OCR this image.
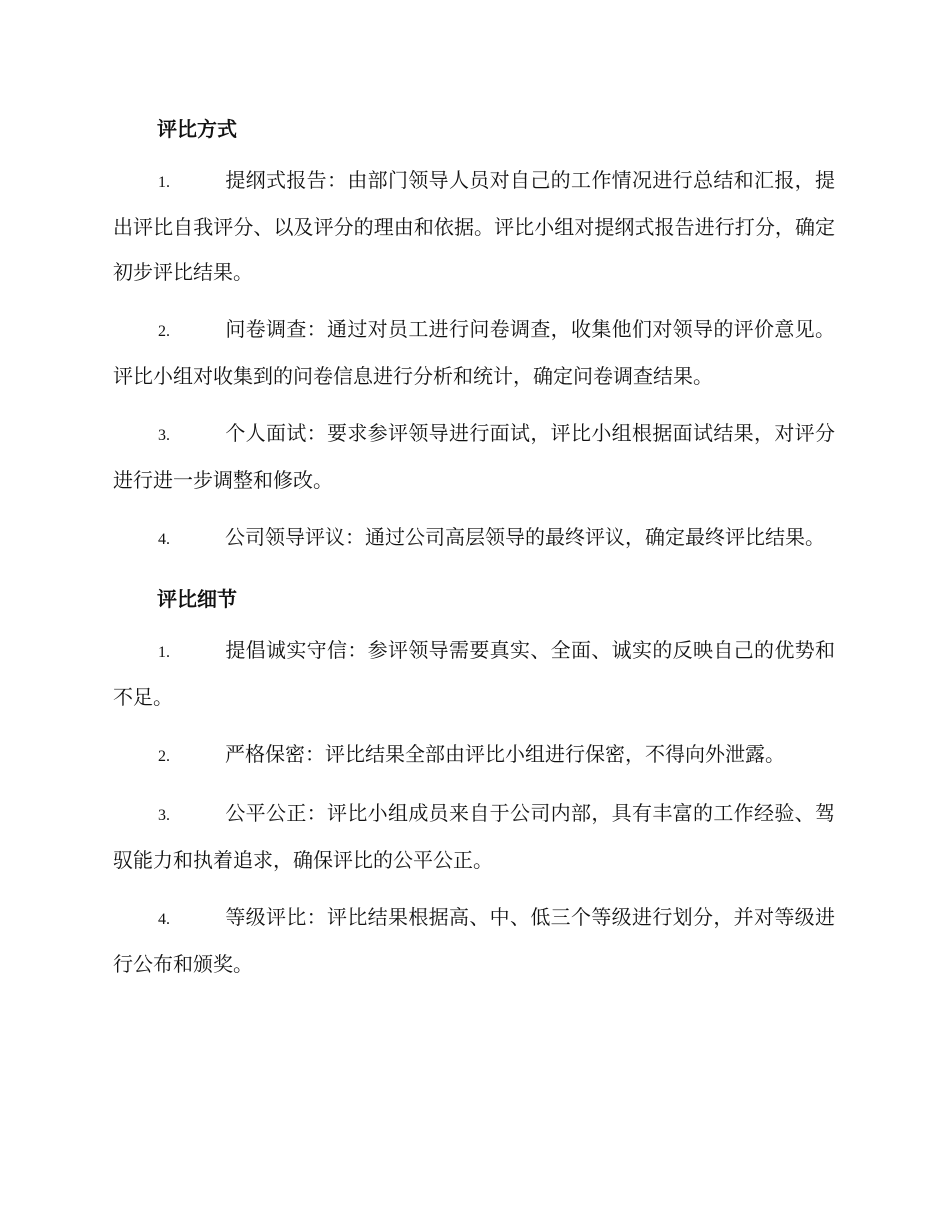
评比方式
1.	提纲式报告：由部门领导人员对自己的工作情况进行总结和汇报，提出评比自我评分、以及评分的理由和依据。评比小组对提纲式报告进行打分，确定初步评比结果。
2.	问卷调查：通过对员工进行问卷调查，收集他们对领导的评价意见。评比小组对收集到的问卷信息进行分析和统计，确定问卷调查结果。
3.	个人面试：要求参评领导进行面试，评比小组根据面试结果，对评分进行进一步调整和修改。
4.	公司领导评议：通过公司高层领导的最终评议，确定最终评比结果。
评比细节
1.	提倡诚实守信：参评领导需要真实、全面、诚实的反映自己的优势和 不足。
2.	严格保密：评比结果全部由评比小组进行保密，不得向外泄露。
3.	公平公正：评比小组成员来自于公司内部，具有丰富的工作经验、驾驭能力和执着追求，确保评比的公平公正。
4.	等级评比：评比结果根据高、中、低三个等级进行划分，并对等级进行公布和颁奖。
